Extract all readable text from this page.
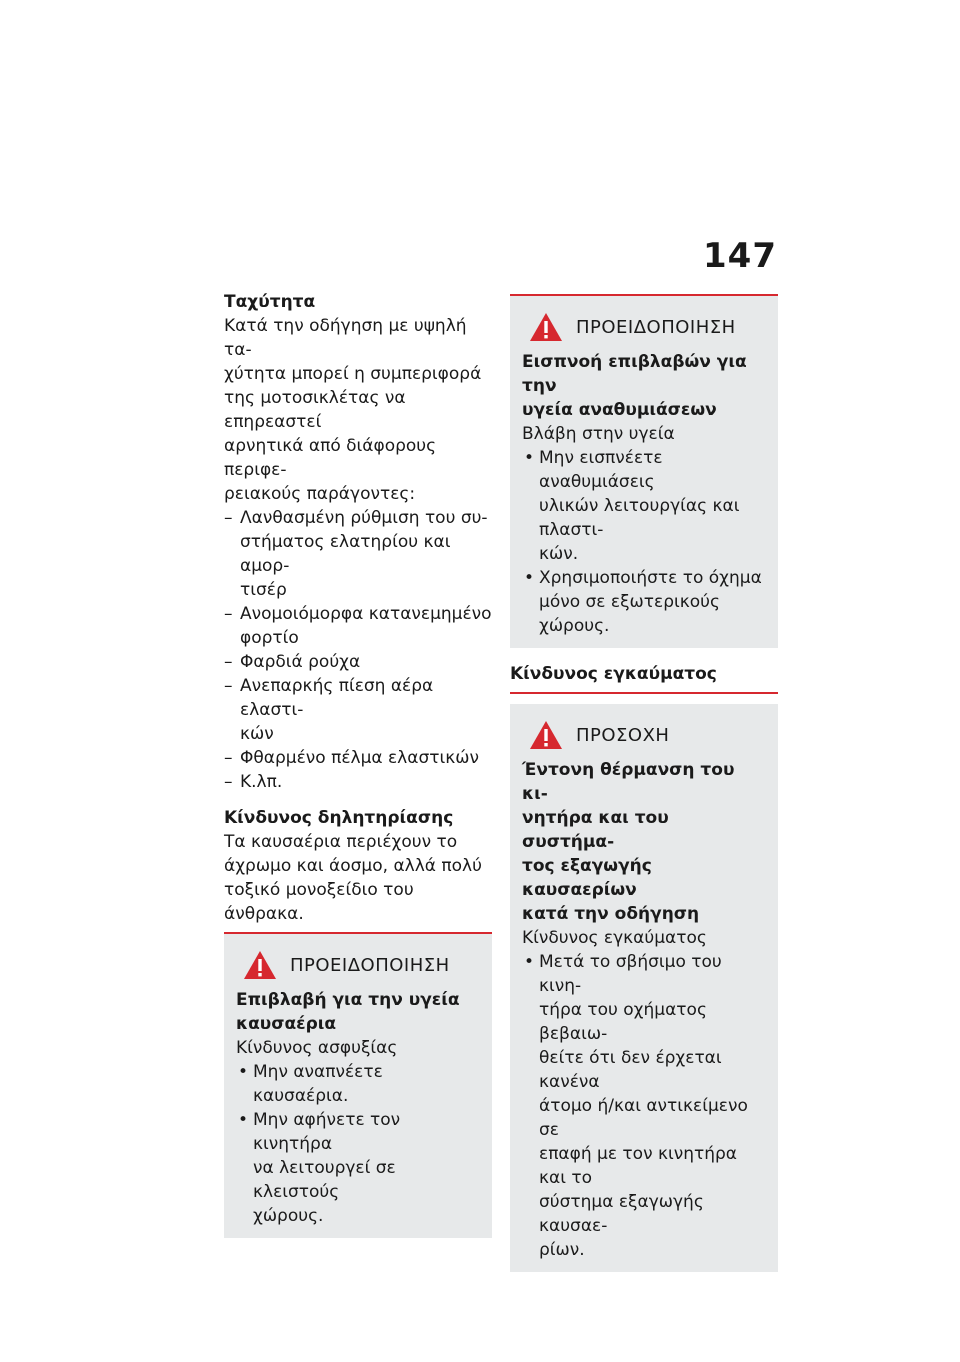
147

Ταχύτητα

Κατά την οδήγηση με υψηλή τα-
χύτητα μπορεί η συμπεριφορά
της μοτοσικλέτας να επηρεαστεί
αρνητικά από διάφορους περιφε-
ρειακούς παράγοντες:

– Λανθασμένη ρύθμιση του συ-
στήματος ελατηρίου και αμορ-
τισέρ
– Ανομοιόμορφα κατανεμημένο
φορτίο
– Φαρδιά ρούχα
– Ανεπαρκής πίεση αέρα ελαστι-
κών
– Φθαρμένο πέλμα ελαστικών
– Κ.λπ.

Κίνδυνος δηλητηρίασης

Τα καυσαέρια περιέχουν το
άχρωμο και άοσμο, αλλά πολύ
τοξικό μονοξείδιο του άνθρακα.

ΠΡΟΕΙΔΟΠΟΙΗΣΗ

Επιβλαβή για την υγεία
καυσαέρια

Κίνδυνος ασφυξίας

• Μην αναπνέετε καυσαέρια.
• Μην αφήνετε τον κινητήρα
να λειτουργεί σε κλειστούς
χώρους.
ΠΡΟΕΙΔΟΠΟΙΗΣΗ

Εισπνοή επιβλαβών για την
υγεία αναθυμιάσεων

Βλάβη στην υγεία

• Μην εισπνέετε αναθυμιάσεις
υλικών λειτουργίας και πλαστι-
κών.
• Χρησιμοποιήστε το όχημα
μόνο σε εξωτερικούς χώρους.

Κίνδυνος εγκαύματος

ΠΡΟΣΟΧΗ

Έντονη θέρμανση του κι-
νητήρα και του συστήμα-
τος εξαγωγής καυσαερίων
κατά την οδήγηση

Κίνδυνος εγκαύματος

• Μετά το σβήσιμο του κινη-
τήρα του οχήματος βεβαιω-
θείτε ότι δεν έρχεται κανένα
άτομο ή/και αντικείμενο σε
επαφή με τον κινητήρα και το
σύστημα εξαγωγής καυσαε-
ρίων.
